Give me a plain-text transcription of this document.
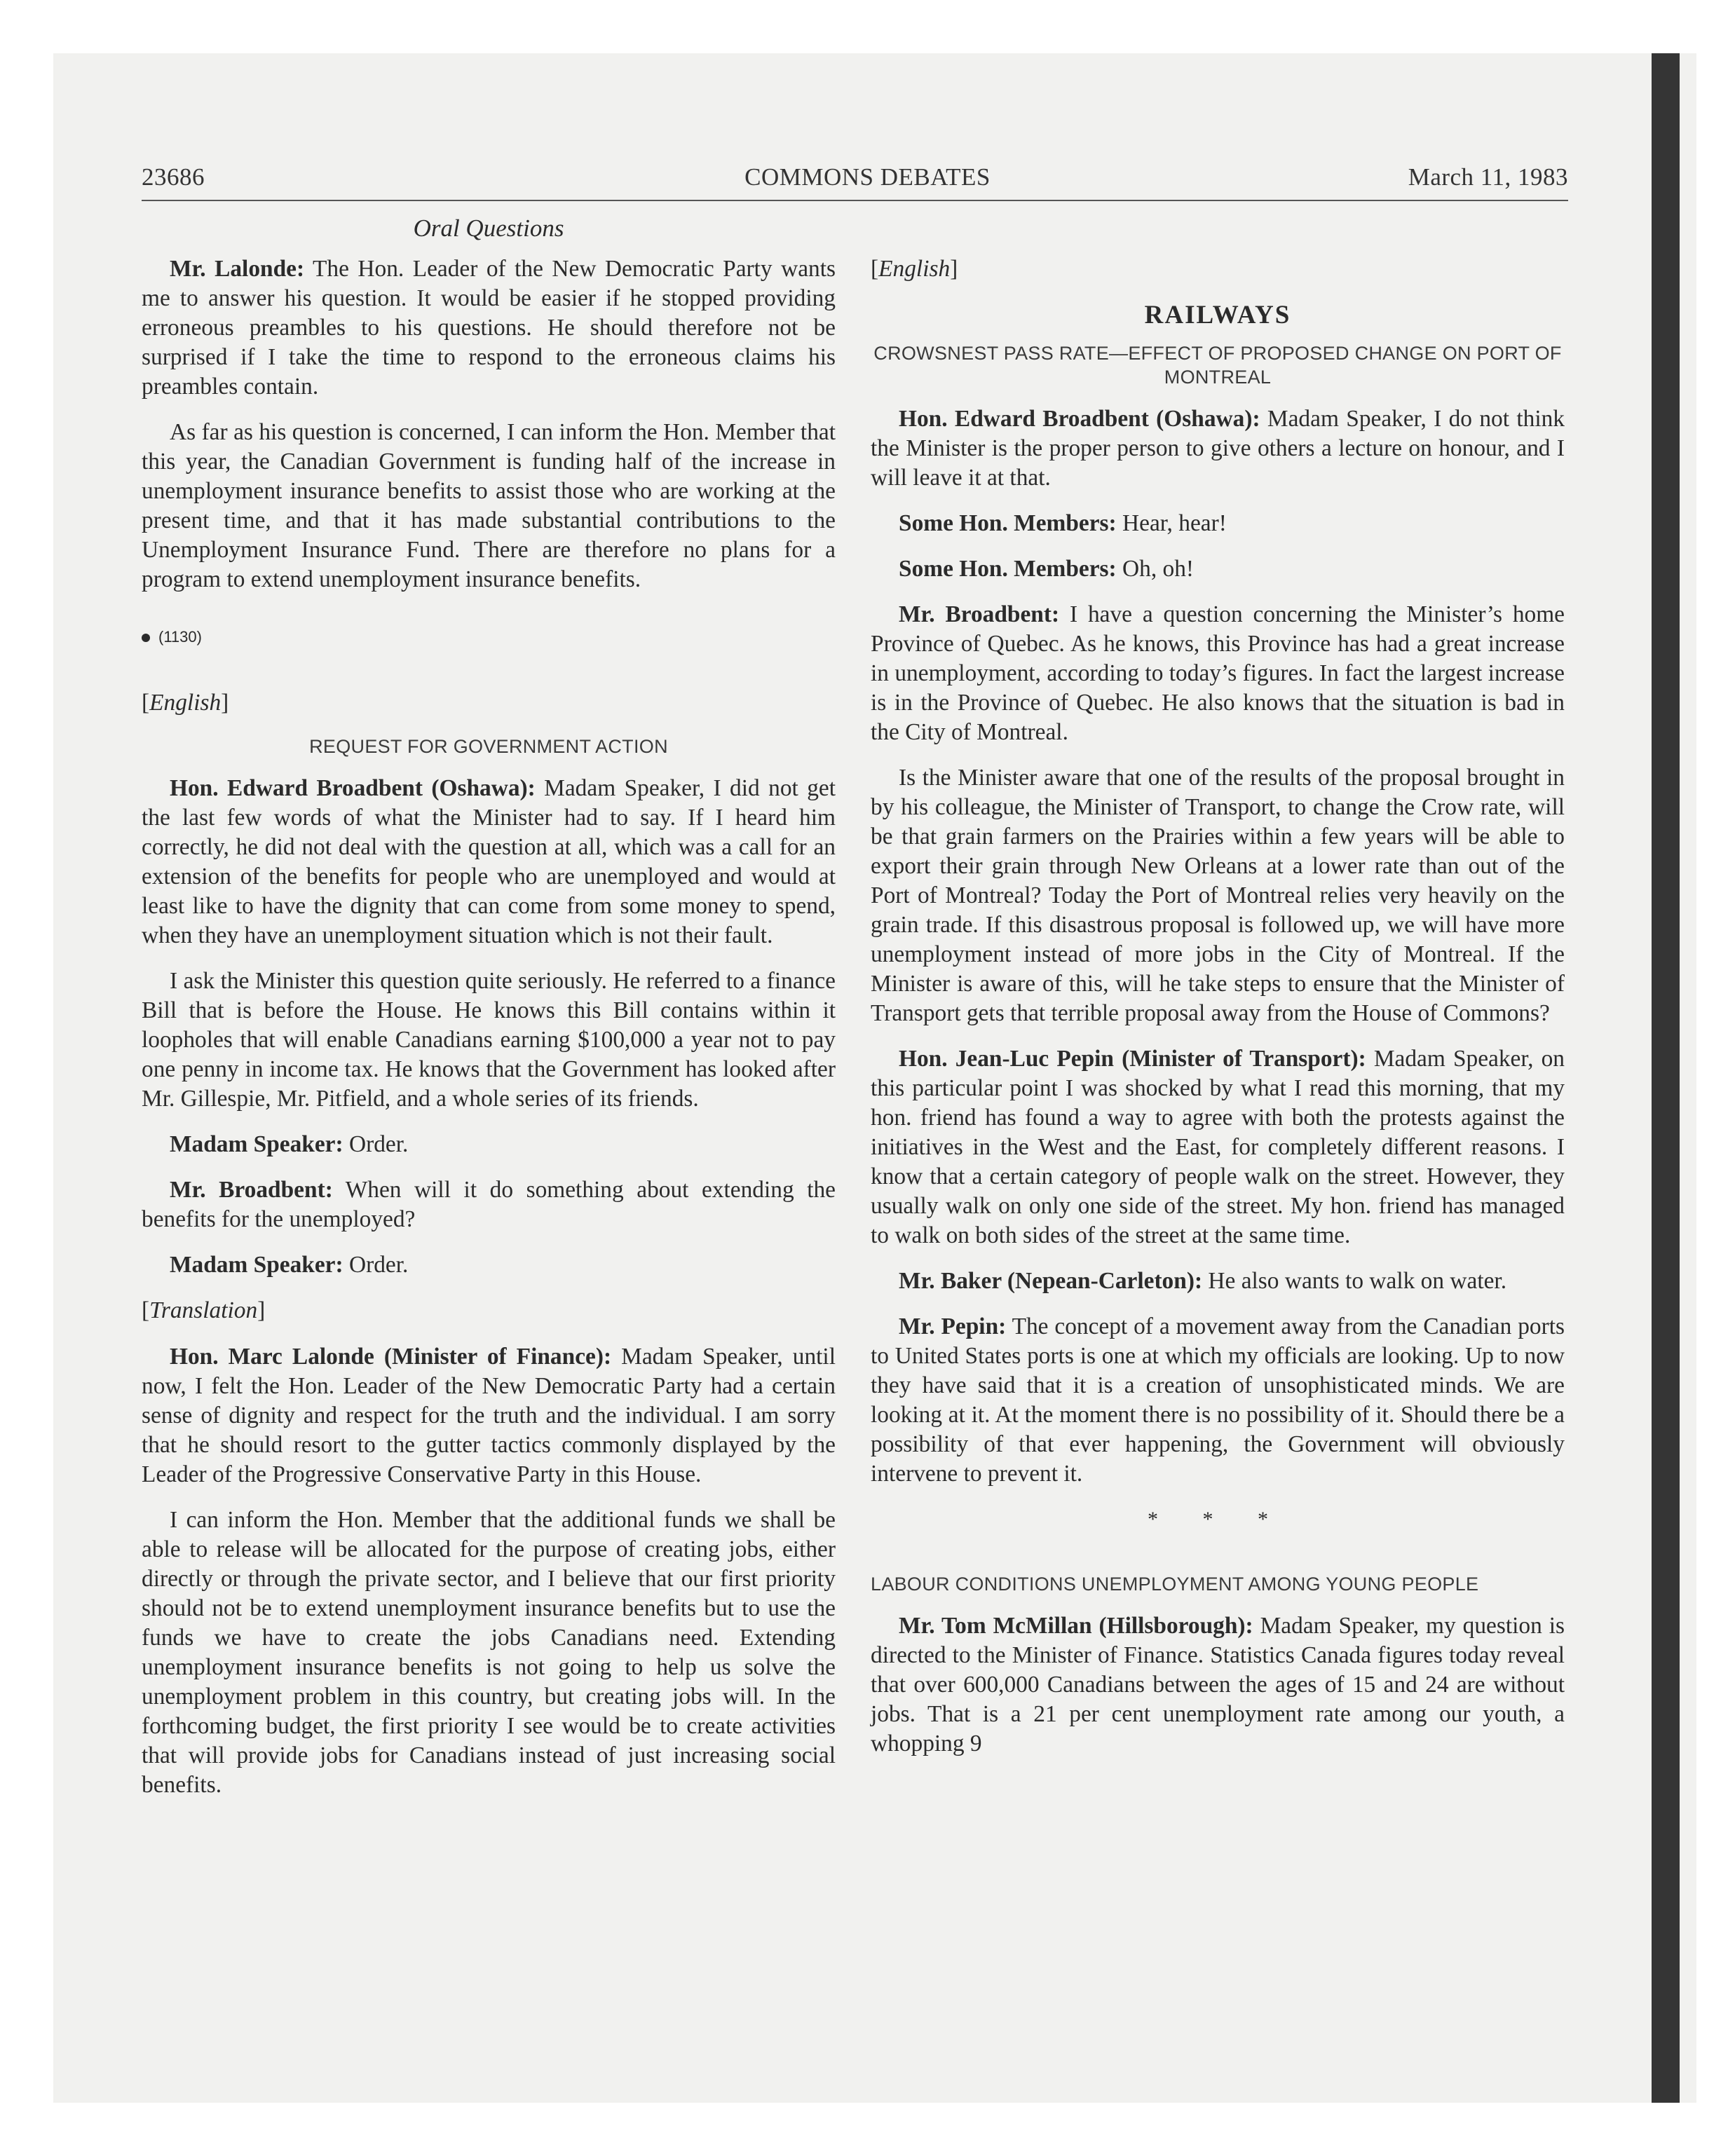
23686	COMMONS DEBATES	March 11, 1983
Oral Questions

Mr. Lalonde: The Hon. Leader of the New Democratic Party wants me to answer his question. It would be easier if he stopped providing erroneous preambles to his questions. He should therefore not be surprised if I take the time to respond to the erroneous claims his preambles contain.

As far as his question is concerned, I can inform the Hon. Member that this year, the Canadian Government is funding half of the increase in unemployment insurance benefits to assist those who are working at the present time, and that it has made substantial contributions to the Unemployment Insurance Fund. There are therefore no plans for a program to extend unemployment insurance benefits.

(1130)
[English]
REQUEST FOR GOVERNMENT ACTION

Hon. Edward Broadbent (Oshawa): Madam Speaker, I did not get the last few words of what the Minister had to say. If I heard him correctly, he did not deal with the question at all, which was a call for an extension of the benefits for people who are unemployed and would at least like to have the dignity that can come from some money to spend, when they have an unemployment situation which is not their fault.

I ask the Minister this question quite seriously. He referred to a finance Bill that is before the House. He knows this Bill contains within it loopholes that will enable Canadians earning $100,000 a year not to pay one penny in income tax. He knows that the Government has looked after Mr. Gillespie, Mr. Pitfield, and a whole series of its friends.

Madam Speaker: Order.

Mr. Broadbent: When will it do something about extending the benefits for the unemployed?

Madam Speaker: Order.

[Translation]

Hon. Marc Lalonde (Minister of Finance): Madam Speaker, until now, I felt the Hon. Leader of the New Democratic Party had a certain sense of dignity and respect for the truth and the individual. I am sorry that he should resort to the gutter tactics commonly displayed by the Leader of the Progressive Conservative Party in this House.

I can inform the Hon. Member that the additional funds we shall be able to release will be allocated for the purpose of creating jobs, either directly or through the private sector, and I believe that our first priority should not be to extend unemployment insurance benefits but to use the funds we have to create the jobs Canadians need. Extending unemployment insurance benefits is not going to help us solve the unemployment problem in this country, but creating jobs will. In the forthcoming budget, the first priority I see would be to create activities that will provide jobs for Canadians instead of just increasing social benefits.

[English]
RAILWAYS
CROWSNEST PASS RATE—EFFECT OF PROPOSED CHANGE ON PORT OF MONTREAL

Hon. Edward Broadbent (Oshawa): Madam Speaker, I do not think the Minister is the proper person to give others a lecture on honour, and I will leave it at that.

Some Hon. Members: Hear, hear!

Some Hon. Members: Oh, oh!

Mr. Broadbent: I have a question concerning the Minister’s home Province of Quebec. As he knows, this Province has had a great increase in unemployment, according to today’s figures. In fact the largest increase is in the Province of Quebec. He also knows that the situation is bad in the City of Montreal.

Is the Minister aware that one of the results of the proposal brought in by his colleague, the Minister of Transport, to change the Crow rate, will be that grain farmers on the Prairies within a few years will be able to export their grain through New Orleans at a lower rate than out of the Port of Montreal? Today the Port of Montreal relies very heavily on the grain trade. If this disastrous proposal is followed up, we will have more unemployment instead of more jobs in the City of Montreal. If the Minister is aware of this, will he take steps to ensure that the Minister of Transport gets that terrible proposal away from the House of Commons?

Hon. Jean-Luc Pepin (Minister of Transport): Madam Speaker, on this particular point I was shocked by what I read this morning, that my hon. friend has found a way to agree with both the protests against the initiatives in the West and the East, for completely different reasons. I know that a certain category of people walk on the street. However, they usually walk on only one side of the street. My hon. friend has managed to walk on both sides of the street at the same time.

Mr. Baker (Nepean-Carleton): He also wants to walk on water.

Mr. Pepin: The concept of a movement away from the Canadian ports to United States ports is one at which my officials are looking. Up to now they have said that it is a creation of unsophisticated minds. We are looking at it. At the moment there is no possibility of it. Should there be a possibility of that ever happening, the Government will obviously intervene to prevent it.

* * *
LABOUR CONDITIONS UNEMPLOYMENT AMONG YOUNG PEOPLE

Mr. Tom McMillan (Hillsborough): Madam Speaker, my question is directed to the Minister of Finance. Statistics Canada figures today reveal that over 600,000 Canadians between the ages of 15 and 24 are without jobs. That is a 21 per cent unemployment rate among our youth, a whopping 9
